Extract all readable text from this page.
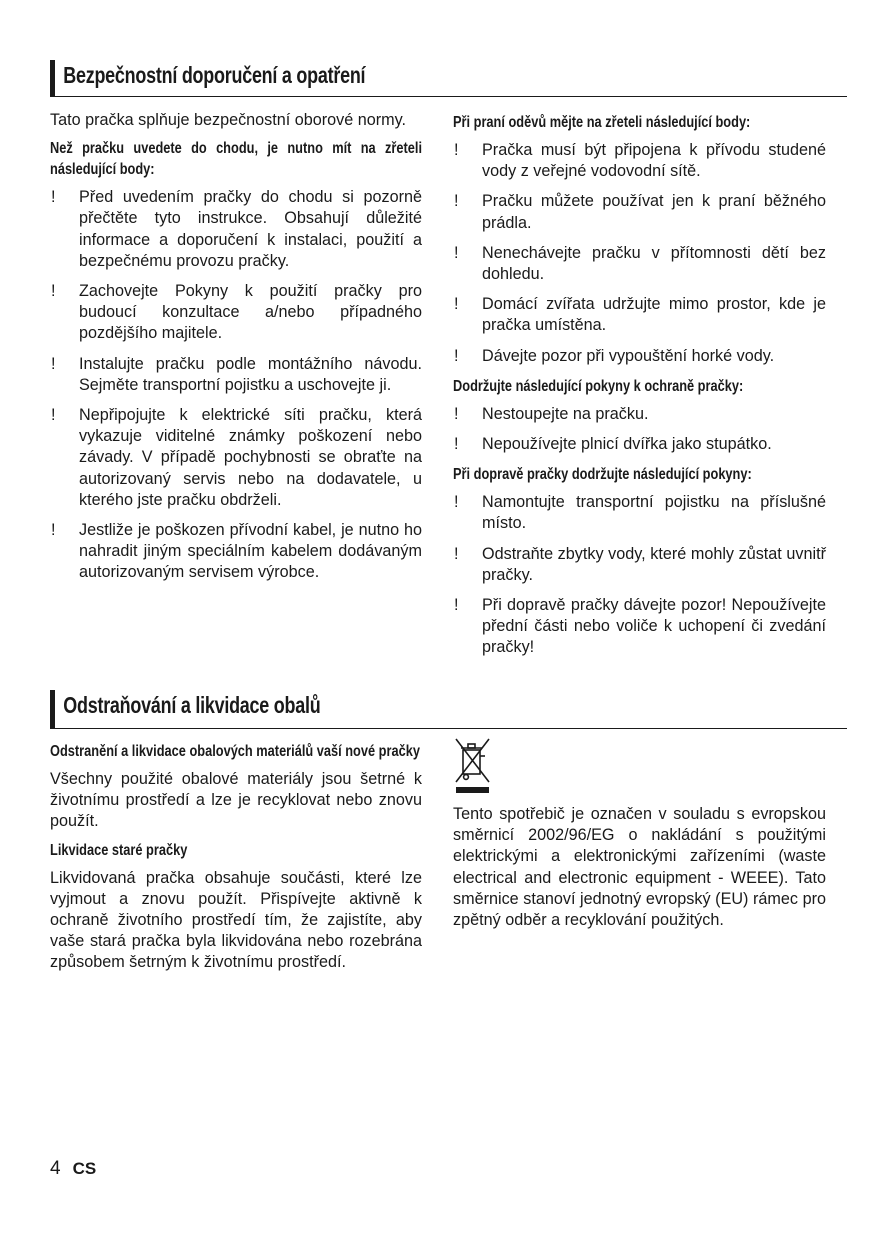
Bezpečnostní doporučení a opatření

Tato pračka splňuje bezpečnostní oborové normy.

Než pračku uvedete do chodu, je nutno mít na zřeteli následující body:
! Před uvedením pračky do chodu si pozorně přečtěte tyto instrukce. Obsahují důležité informace a doporučení k instalaci, použití a bezpečnému provozu pračky.
! Zachovejte Pokyny k použití pračky pro budoucí konzultace a/nebo případného pozdějšího majitele.
! Instalujte pračku podle montážního návodu. Sejměte transportní pojistku a uschovejte ji.
! Nepřipojujte k elektrické síti pračku, která vykazuje viditelné známky poškození nebo závady. V případě pochybnosti se obraťte na autorizovaný servis nebo na dodavatele, u kterého jste pračku obdrželi.
! Jestliže je poškozen přívodní kabel, je nutno ho nahradit jiným speciálním kabelem dodávaným autorizovaným servisem výrobce.
Při praní oděvů mějte na zřeteli následující body:
! Pračka musí být připojena k přívodu studené vody z veřejné vodovodní sítě.
! Pračku můžete používat jen k praní běžného prádla.
! Nenechávejte pračku v přítomnosti dětí bez dohledu.
! Domácí zvířata udržujte mimo prostor, kde je pračka umístěna.
! Dávejte pozor při vypouštění horké vody.
Dodržujte následující pokyny k ochraně pračky:
! Nestoupejte na pračku.
! Nepoužívejte plnicí dvířka jako stupátko.
Při dopravě pračky dodržujte následující pokyny:
! Namontujte transportní pojistku na příslušné místo.
! Odstraňte zbytky vody, které mohly zůstat uvnitř pračky.
! Při dopravě pračky dávejte pozor! Nepoužívejte přední části nebo voliče k uchopení či zvedání pračky!
Odstraňování a likvidace obalů
Odstranění a likvidace obalových materiálů vaší nové pračky

Všechny použité obalové materiály jsou šetrné k životnímu prostředí a lze je recyklovat nebo znovu použít.

Likvidace staré pračky

Likvidovaná pračka obsahuje součásti, které lze vyjmout a znovu použít. Přispívejte aktivně k ochraně životního prostředí tím, že zajistíte, aby vaše stará pračka byla likvidována nebo rozebrána způsobem šetrným k životnímu prostředí.

Tento spotřebič je označen v souladu s evropskou směrnicí 2002/96/EG o nakládání s použitými elektrickými a elektronickými zařízeními (waste electrical and electronic equipment - WEEE). Tato směrnice stanoví jednotný evropský (EU) rámec pro zpětný odběr a recyklování použitých.

4 CS
